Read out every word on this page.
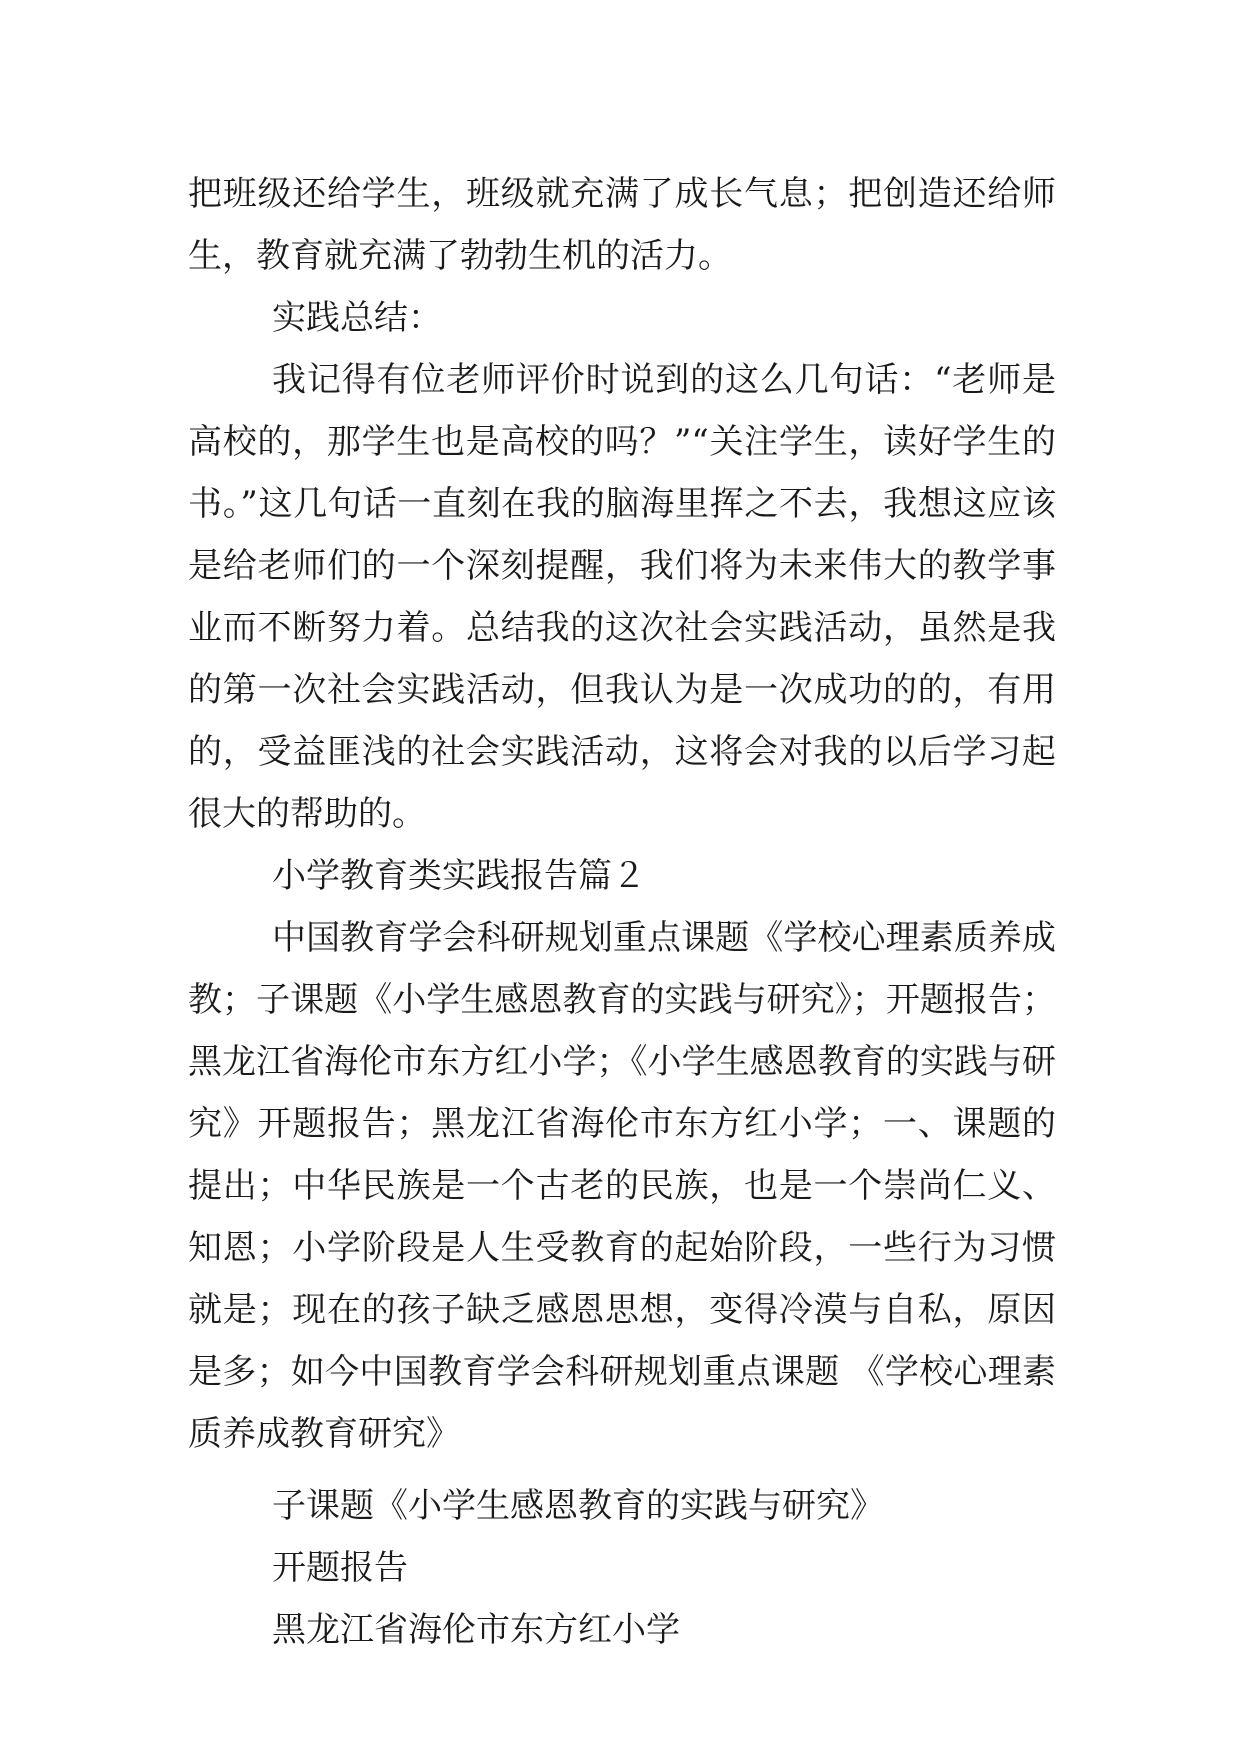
把班级还给学生，班级就充满了成长气息；把创造还给师生，教育就充满了勃勃生机的活力。

实践总结：

我记得有位老师评价时说到的这么几句话：“老师是高校的，那学生也是高校的吗？”“关注学生，读好学生的书。”这几句话一直刻在我的脑海里挥之不去，我想这应该是给老师们的一个深刻提醒，我们将为未来伟大的教学事业而不断努力着。总结我的这次社会实践活动，虽然是我的第一次社会实践活动，但我认为是一次成功的的，有用的，受益匪浅的社会实践活动，这将会对我的以后学习起很大的帮助的。

小学教育类实践报告篇２

中国教育学会科研规划重点课题《学校心理素质养成教；子课题《小学生感恩教育的实践与研究》；开题报告；黑龙江省海伦市东方红小学；《小学生感恩教育的实践与研究》开题报告；黑龙江省海伦市东方红小学；一、课题的提出；中华民族是一个古老的民族，也是一个崇尚仁义、知恩；小学阶段是人生受教育的起始阶段，一些行为习惯就是；现在的孩子缺乏感恩思想，变得冷漠与自私，原因是多；如今中国教育学会科研规划重点课题 《学校心理素质养成教育研究》

子课题《小学生感恩教育的实践与研究》

开题报告

黑龙江省海伦市东方红小学
